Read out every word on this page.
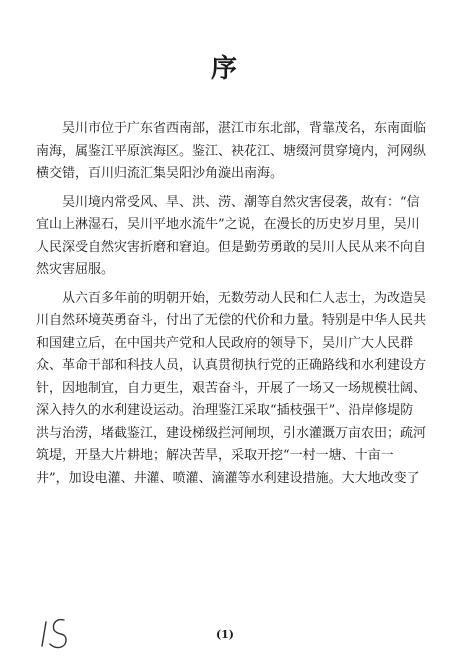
序
吴川市位于广东省西南部，湛江市东北部，背靠茂名，东南面临
南海，属鉴江平原滨海区。鉴江、袂花江、塘缀河贯穿境内，河网纵
横交错，百川归流汇集吴阳沙角漩出南海。
吴川境内常受风、旱、洪、涝、潮等自然灾害侵袭，故有：“信
宜山上淋湿石，吴川平地水流牛”之说，在漫长的历史岁月里，吴川
人民深受自然灾害折磨和窘迫。但是勤劳勇敢的吴川人民从来不向自
然灾害屈服。
从六百多年前的明朝开始，无数劳动人民和仁人志士，为改造吴
川自然环境英勇奋斗，付出了无偿的代价和力量。特别是中华人民共
和国建立后，在中国共产党和人民政府的领导下，吴川广大人民群
众、革命干部和科技人员，认真贯彻执行党的正确路线和水利建设方
针，因地制宜，自力更生，艰苦奋斗，开展了一场又一场规模壮阔、
深入持久的水利建设运动。治理鉴江采取“插枝强干”、沿岸修堤防
洪与治涝，堵截鉴江，建设梯级拦河闸坝，引水灌溉万亩农田；疏河
筑堤，开垦大片耕地；解决苦旱，采取开挖“一村一塘、十亩一
井”，加设电灌、井灌、喷灌、滴灌等水利建设措施。大大地改变了
(1)
